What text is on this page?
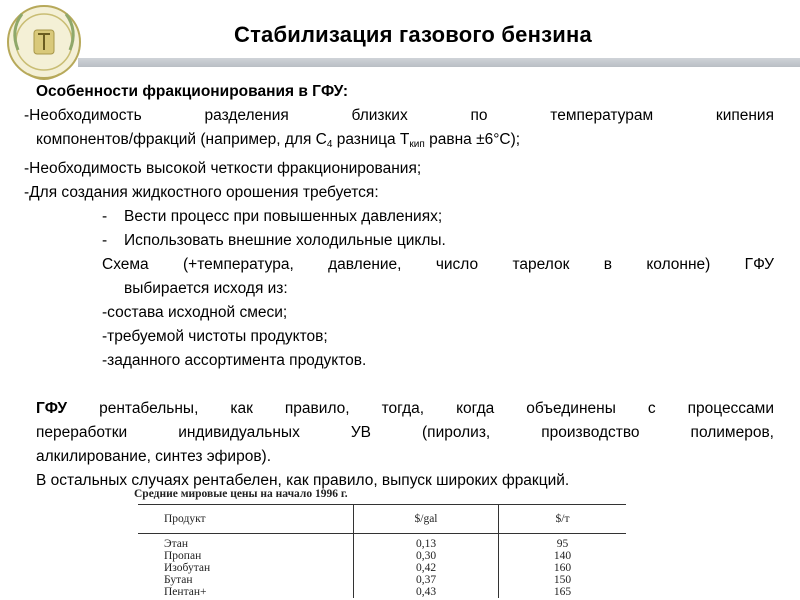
Стабилизация газового бензина
Особенности фракционирования в ГФУ:
-Необходимость разделения близких по температурам кипения
компонентов/фракций (например, для $С_4$ разница $Т_{кип}$ равна ±6°С);
-Необходимость высокой четкости фракционирования;
-Для создания жидкостного орошения требуется:
-	Вести процесс при повышенных давлениях;
-	Использовать внешние холодильные циклы.
Схема (+температура, давление, число тарелок в колонне) ГФУ
выбирается исходя из:
-состава исходной смеси;
-требуемой чистоты продуктов;
-заданного ассортимента продуктов.
ГФУ рентабельны, как правило, тогда, когда объединены с процессами
переработки индивидуальных УВ (пиролиз, производство полимеров,
алкилирование, синтез эфиров).
В остальных случаях рентабелен, как правило, выпуск широких фракций.
Средние мировые цены на начало 1996 г.
Продукт	$/gal	$/т
Этан	0,13	95
Пропан	0,30	140
Изобутан	0,42	160
Бутан	0,37	150
Пентан+	0,43	165
